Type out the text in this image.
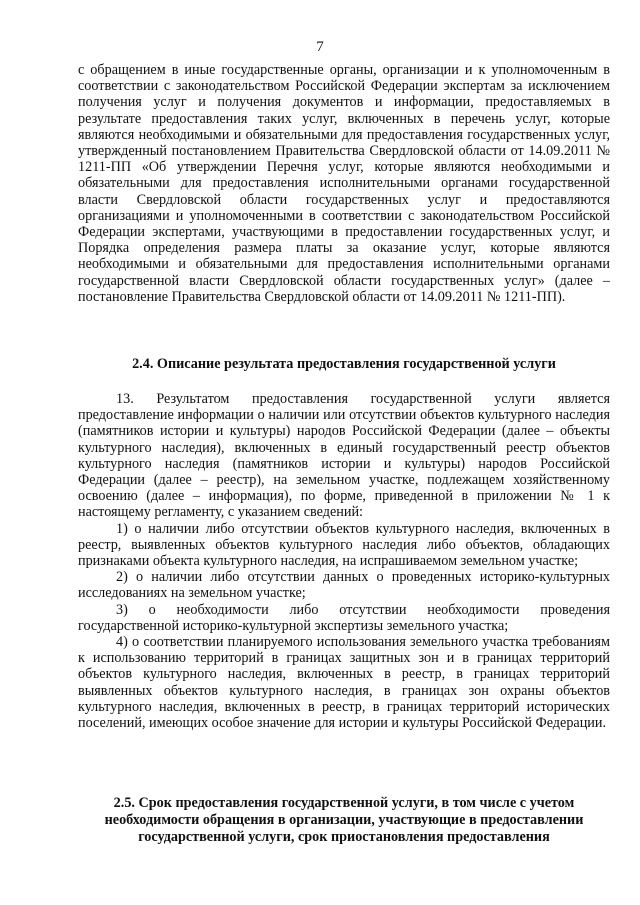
7

с обращением в иные государственные органы, организации и к уполномоченным в соответствии с законодательством Российской Федерации экспертам за исключением получения услуг и получения документов и информации, предоставляемых в результате предоставления таких услуг, включенных в перечень услуг, которые являются необходимыми и обязательными для предоставления государственных услуг, утвержденный постановлением Правительства Свердловской области от 14.09.2011 № 1211-ПП «Об утверждении Перечня услуг, которые являются необходимыми и обязательными для предоставления исполнительными органами государственной власти Свердловской области государственных услуг и предоставляются организациями и уполномоченными в соответствии с законодательством Российской Федерации экспертами, участвующими в предоставлении государственных услуг, и Порядка определения размера платы за оказание услуг, которые являются необходимыми и обязательными для предоставления исполнительными органами государственной власти Свердловской области государственных услуг» (далее – постановление Правительства Свердловской области от 14.09.2011 № 1211-ПП).

2.4. Описание результата предоставления государственной услуги

13. Результатом предоставления государственной услуги является предоставление информации о наличии или отсутствии объектов культурного наследия (памятников истории и культуры) народов Российской Федерации (далее – объекты культурного наследия), включенных в единый государственный реестр объектов культурного наследия (памятников истории и культуры) народов Российской Федерации (далее – реестр), на земельном участке, подлежащем хозяйственному освоению (далее – информация), по форме, приведенной в приложении № 1 к настоящему регламенту, с указанием сведений:

1) о наличии либо отсутствии объектов культурного наследия, включенных в реестр, выявленных объектов культурного наследия либо объектов, обладающих признаками объекта культурного наследия, на испрашиваемом земельном участке;

2) о наличии либо отсутствии данных о проведенных историко-культурных исследованиях на земельном участке;

3) о необходимости либо отсутствии необходимости проведения государственной историко-культурной экспертизы земельного участка;

4) о соответствии планируемого использования земельного участка требованиям к использованию территорий в границах защитных зон и в границах территорий объектов культурного наследия, включенных в реестр, в границах территорий выявленных объектов культурного наследия, в границах зон охраны объектов культурного наследия, включенных в реестр, в границах территорий исторических поселений, имеющих особое значение для истории и культуры Российской Федерации.

2.5. Срок предоставления государственной услуги, в том числе с учетом
необходимости обращения в организации, участвующие в предоставлении
государственной услуги, срок приостановления предоставления
